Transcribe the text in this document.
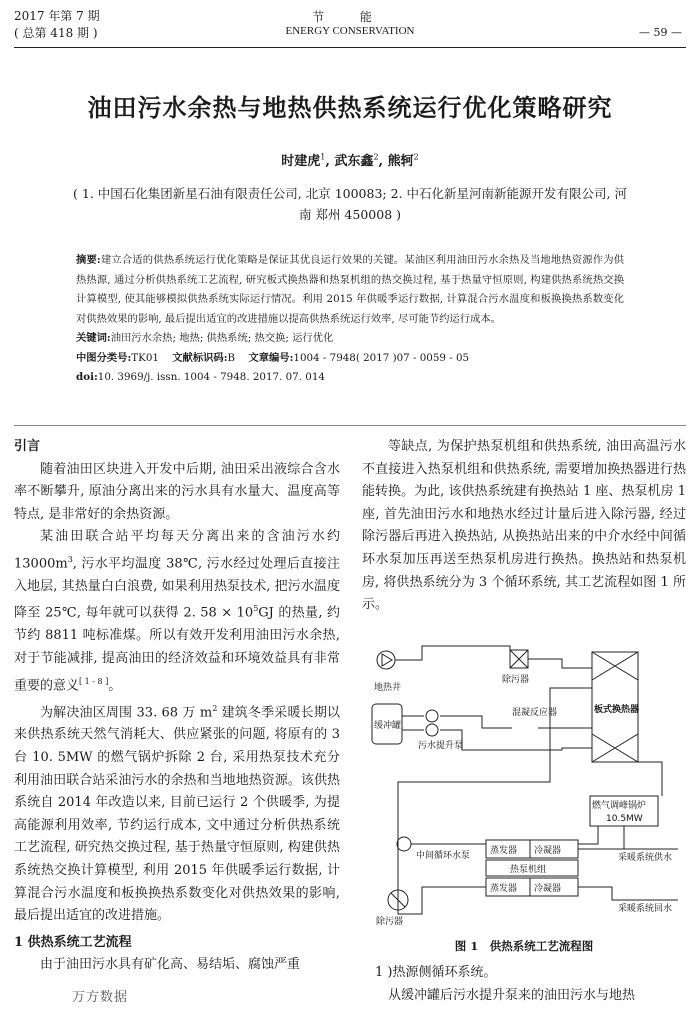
2017 年第 7 期
( 总第 418 期 )
节 能
ENERGY CONSERVATION	— 59 —
油田污水余热与地热供热系统运行优化策略研究
时建虎$^1$, 武东鑫$^2$, 熊轲$^2$
( 1. 中国石化集团新星石油有限责任公司, 北京 100083; 2. 中石化新星河南新能源开发有限公司, 河南 郑州 450008 )

摘要:建立合适的供热系统运行优化策略是保证其优良运行效果的关键。某油区利用油田污水余热及当地地热资源作为供热热源, 通过分析供热系统工艺流程, 研究板式换热器和热泵机组的热交换过程, 基于热量守恒原则, 构建供热系统热交换计算模型, 使其能够模拟供热系统实际运行情况。利用 2015 年供暖季运行数据, 计算混合污水温度和板换换热系数变化对供热效果的影响, 最后提出适宜的改进措施以提高供热系统运行效率, 尽可能节约运行成本。

关键词:油田污水余热; 地热; 供热系统; 热交换; 运行优化

中图分类号:TK01 文献标识码:B 文章编号:1004 - 7948( 2017 )07 - 0059 - 05

doi:10. 3969/j. issn. 1004 - 7948. 2017. 07. 014

引言

随着油田区块进入开发中后期, 油田采出液综合含水率不断攀升, 原油分离出来的污水具有水量大、温度高等特点, 是非常好的余热资源。

某油田联合站平均每天分离出来的含油污水约 $13000m^3$, 污水平均温度 38℃, 污水经过处理后直接注入地层, 其热量白白浪费, 如果利用热泵技术, 把污水温度降至 25℃, 每年就可以获得 2. $58 \times 10^5GJ$ 的热量, 约节约 8811 吨标准煤。所以有效开发利用油田污水余热, 对于节能减排, 提高油田的经济效益和环境效益具有非常重要的意义[ 1 - 8 ]。

为解决油区周围 33. 68 万 $m^2$ 建筑冬季采暖长期以来供热系统天然气消耗大、供应紧张的问题, 将原有的 3 台 10. 5MW 的燃气锅炉拆除 2 台, 采用热泵技术充分利用油田联合站采油污水的余热和当地地热资源。该供热系统自 2014 年改造以来, 目前已运行 2 个供暖季, 为提高能源利用效率, 节约运行成本, 文中通过分析供热系统工艺流程, 研究热交换过程, 基于热量守恒原则, 构建供热系统热交换计算模型, 利用 2015 年供暖季运行数据, 计算混合污水温度和板换换热系数变化对供热效果的影响, 最后提出适宜的改进措施。

1 供热系统工艺流程

由于油田污水具有矿化高、易结垢、腐蚀严重

万方数据

等缺点, 为保护热泵机组和供热系统, 油田高温污水不直接进入热泵机组和供热系统, 需要增加换热器进行热能转换。为此, 该供热系统建有换热站 1 座、热泵机房 1 座, 首先油田污水和地热水经过计量后进入除污器, 经过除污器后再进入换热站, 从换热站出来的中介水经中间循环水泵加压再送至热泵机房进行换热。换热站和热泵机房, 将供热系统分为 3 个循环系统, 其工艺流程如图 1 所示。

地热井
除污器
混凝反应器	板式换热器
缓冲罐
污水提升泵
燃气调峰锅炉
10.5MW
中间循环水泵 蒸发器 冷凝器
热泵机组
蒸发器 冷凝器
采暖系统供水
采暖系统回水
除污器
图 1　供热系统工艺流程图

1 )热源侧循环系统。

从缓冲罐后污水提升泵来的油田污水与地热
